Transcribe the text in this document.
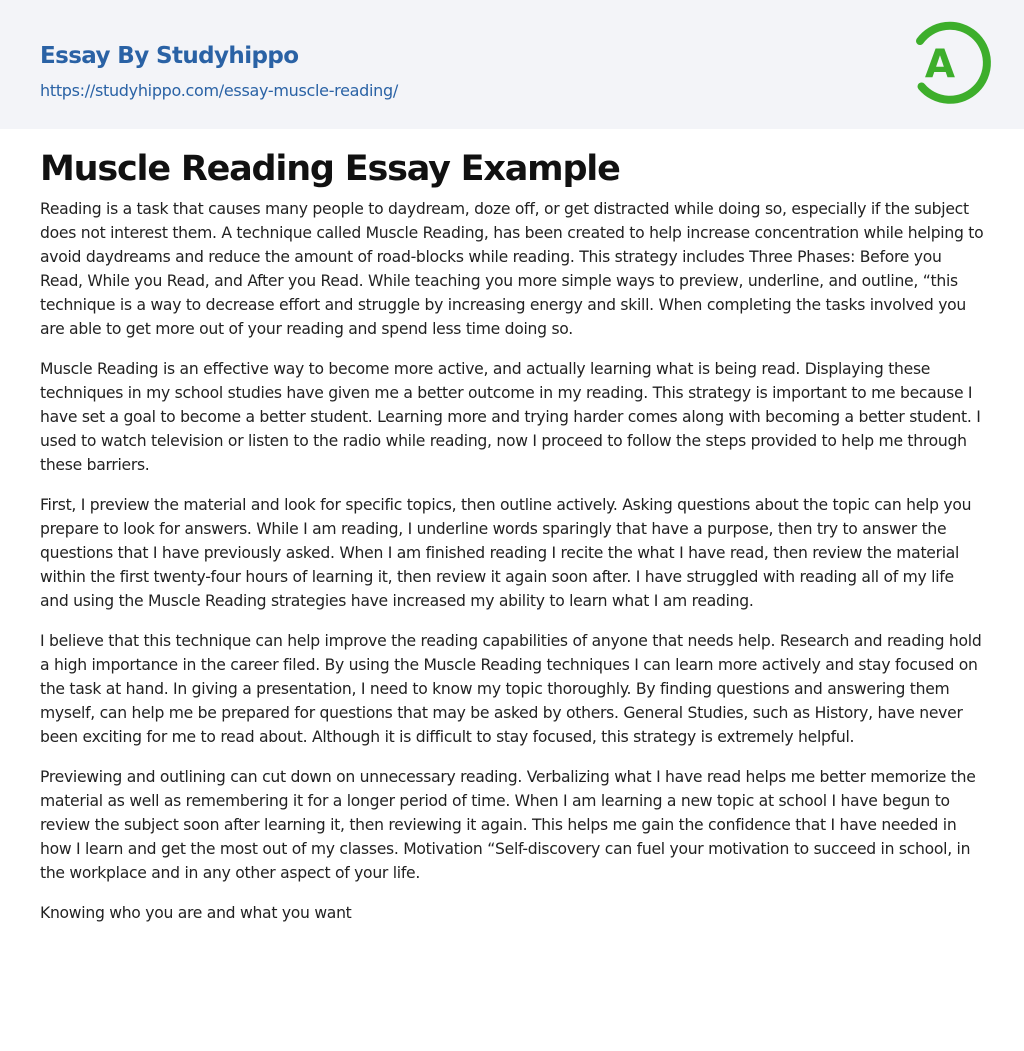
Essay By Studyhippo
https://studyhippo.com/essay-muscle-reading/
A
Muscle Reading Essay Example

Reading is a task that causes many people to daydream, doze off, or get distracted while doing so, especially if the subject does not interest them. A technique called Muscle Reading, has been created to help increase concentration while helping to avoid daydreams and reduce the amount of road-blocks while reading. This strategy includes Three Phases: Before you Read, While you Read, and After you Read. While teaching you more simple ways to preview, underline, and outline, “this technique is a way to decrease effort and struggle by increasing energy and skill. When completing the tasks involved you are able to get more out of your reading and spend less time doing so.

Muscle Reading is an effective way to become more active, and actually learning what is being read. Displaying these techniques in my school studies have given me a better outcome in my reading. This strategy is important to me because I have set a goal to become a better student. Learning more and trying harder comes along with becoming a better student. I used to watch television or listen to the radio while reading, now I proceed to follow the steps provided to help me through these barriers.

First, I preview the material and look for specific topics, then outline actively. Asking questions about the topic can help you prepare to look for answers. While I am reading, I underline words sparingly that have a purpose, then try to answer the questions that I have previously asked. When I am finished reading I recite the what I have read, then review the material within the first twenty-four hours of learning it, then review it again soon after. I have struggled with reading all of my life and using the Muscle Reading strategies have increased my ability to learn what I am reading.

I believe that this technique can help improve the reading capabilities of anyone that needs help. Research and reading hold a high importance in the career filed. By using the Muscle Reading techniques I can learn more actively and stay focused on the task at hand. In giving a presentation, I need to know my topic thoroughly. By finding questions and answering them myself, can help me be prepared for questions that may be asked by others. General Studies, such as History, have never been exciting for me to read about. Although it is difficult to stay focused, this strategy is extremely helpful.

Previewing and outlining can cut down on unnecessary reading. Verbalizing what I have read helps me better memorize the material as well as remembering it for a longer period of time. When I am learning a new topic at school I have begun to review the subject soon after learning it, then reviewing it again. This helps me gain the confidence that I have needed in how I learn and get the most out of my classes. Motivation “Self-discovery can fuel your motivation to succeed in school, in the workplace and in any other aspect of your life.

Knowing who you are and what you want
